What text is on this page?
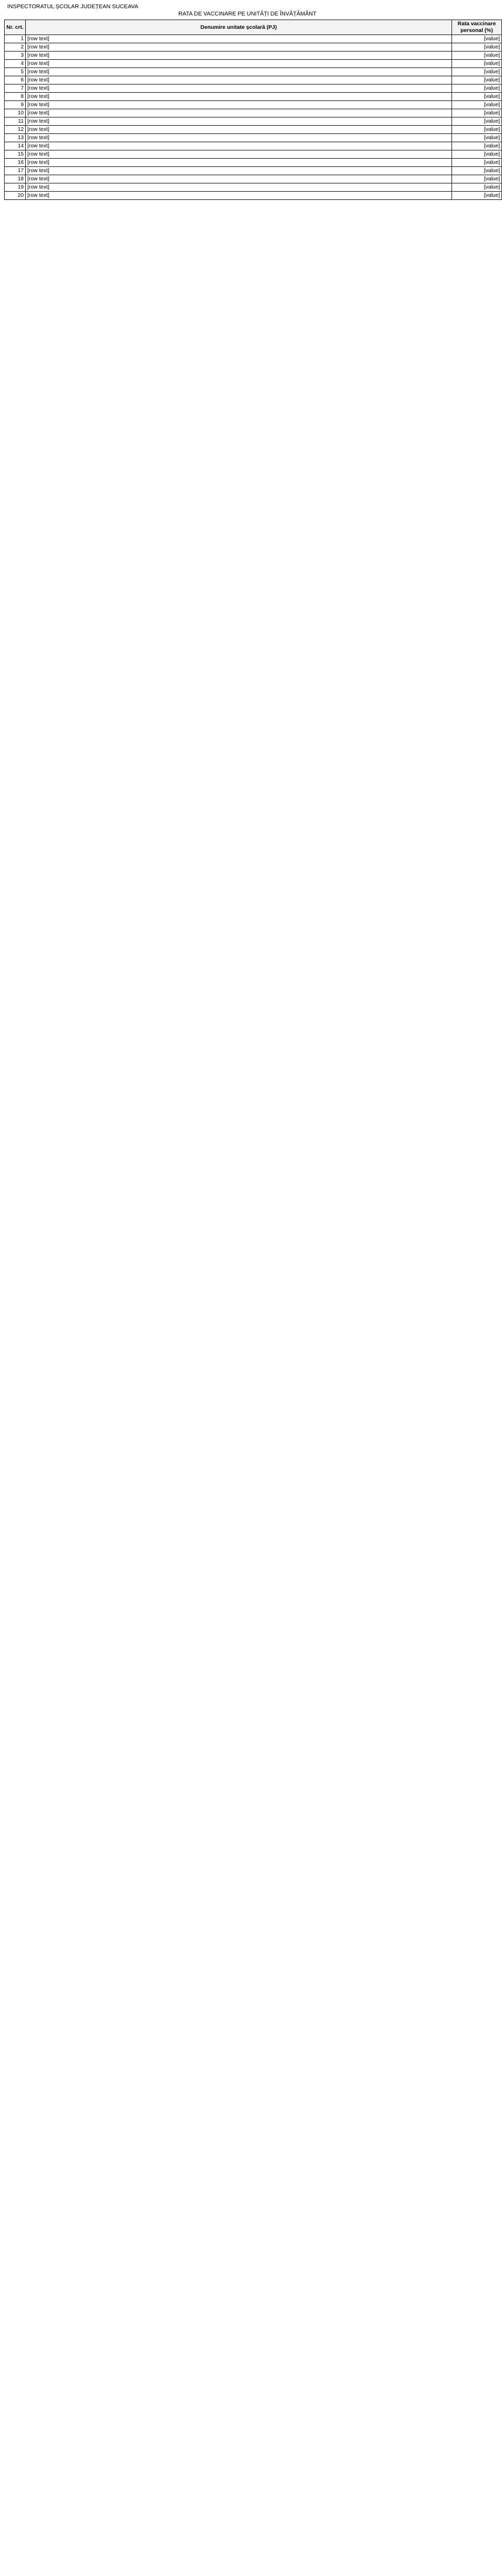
INSPECTORATUL ȘCOLAR JUDEȚEAN SUCEAVA
RATA DE VACCINARE PE UNITĂȚI DE ÎNVĂȚĂMÂNT
Nr. crt.	Denumire unitate școlară (PJ)	Rata vaccinare personal (%)
1	[row text]	[value]
2	[row text]	[value]
3	[row text]	[value]
4	[row text]	[value]
5	[row text]	[value]
6	[row text]	[value]
7	[row text]	[value]
8	[row text]	[value]
9	[row text]	[value]
10	[row text]	[value]
11	[row text]	[value]
12	[row text]	[value]
13	[row text]	[value]
14	[row text]	[value]
15	[row text]	[value]
16	[row text]	[value]
17	[row text]	[value]
18	[row text]	[value]
19	[row text]	[value]
20	[row text]	[value]
